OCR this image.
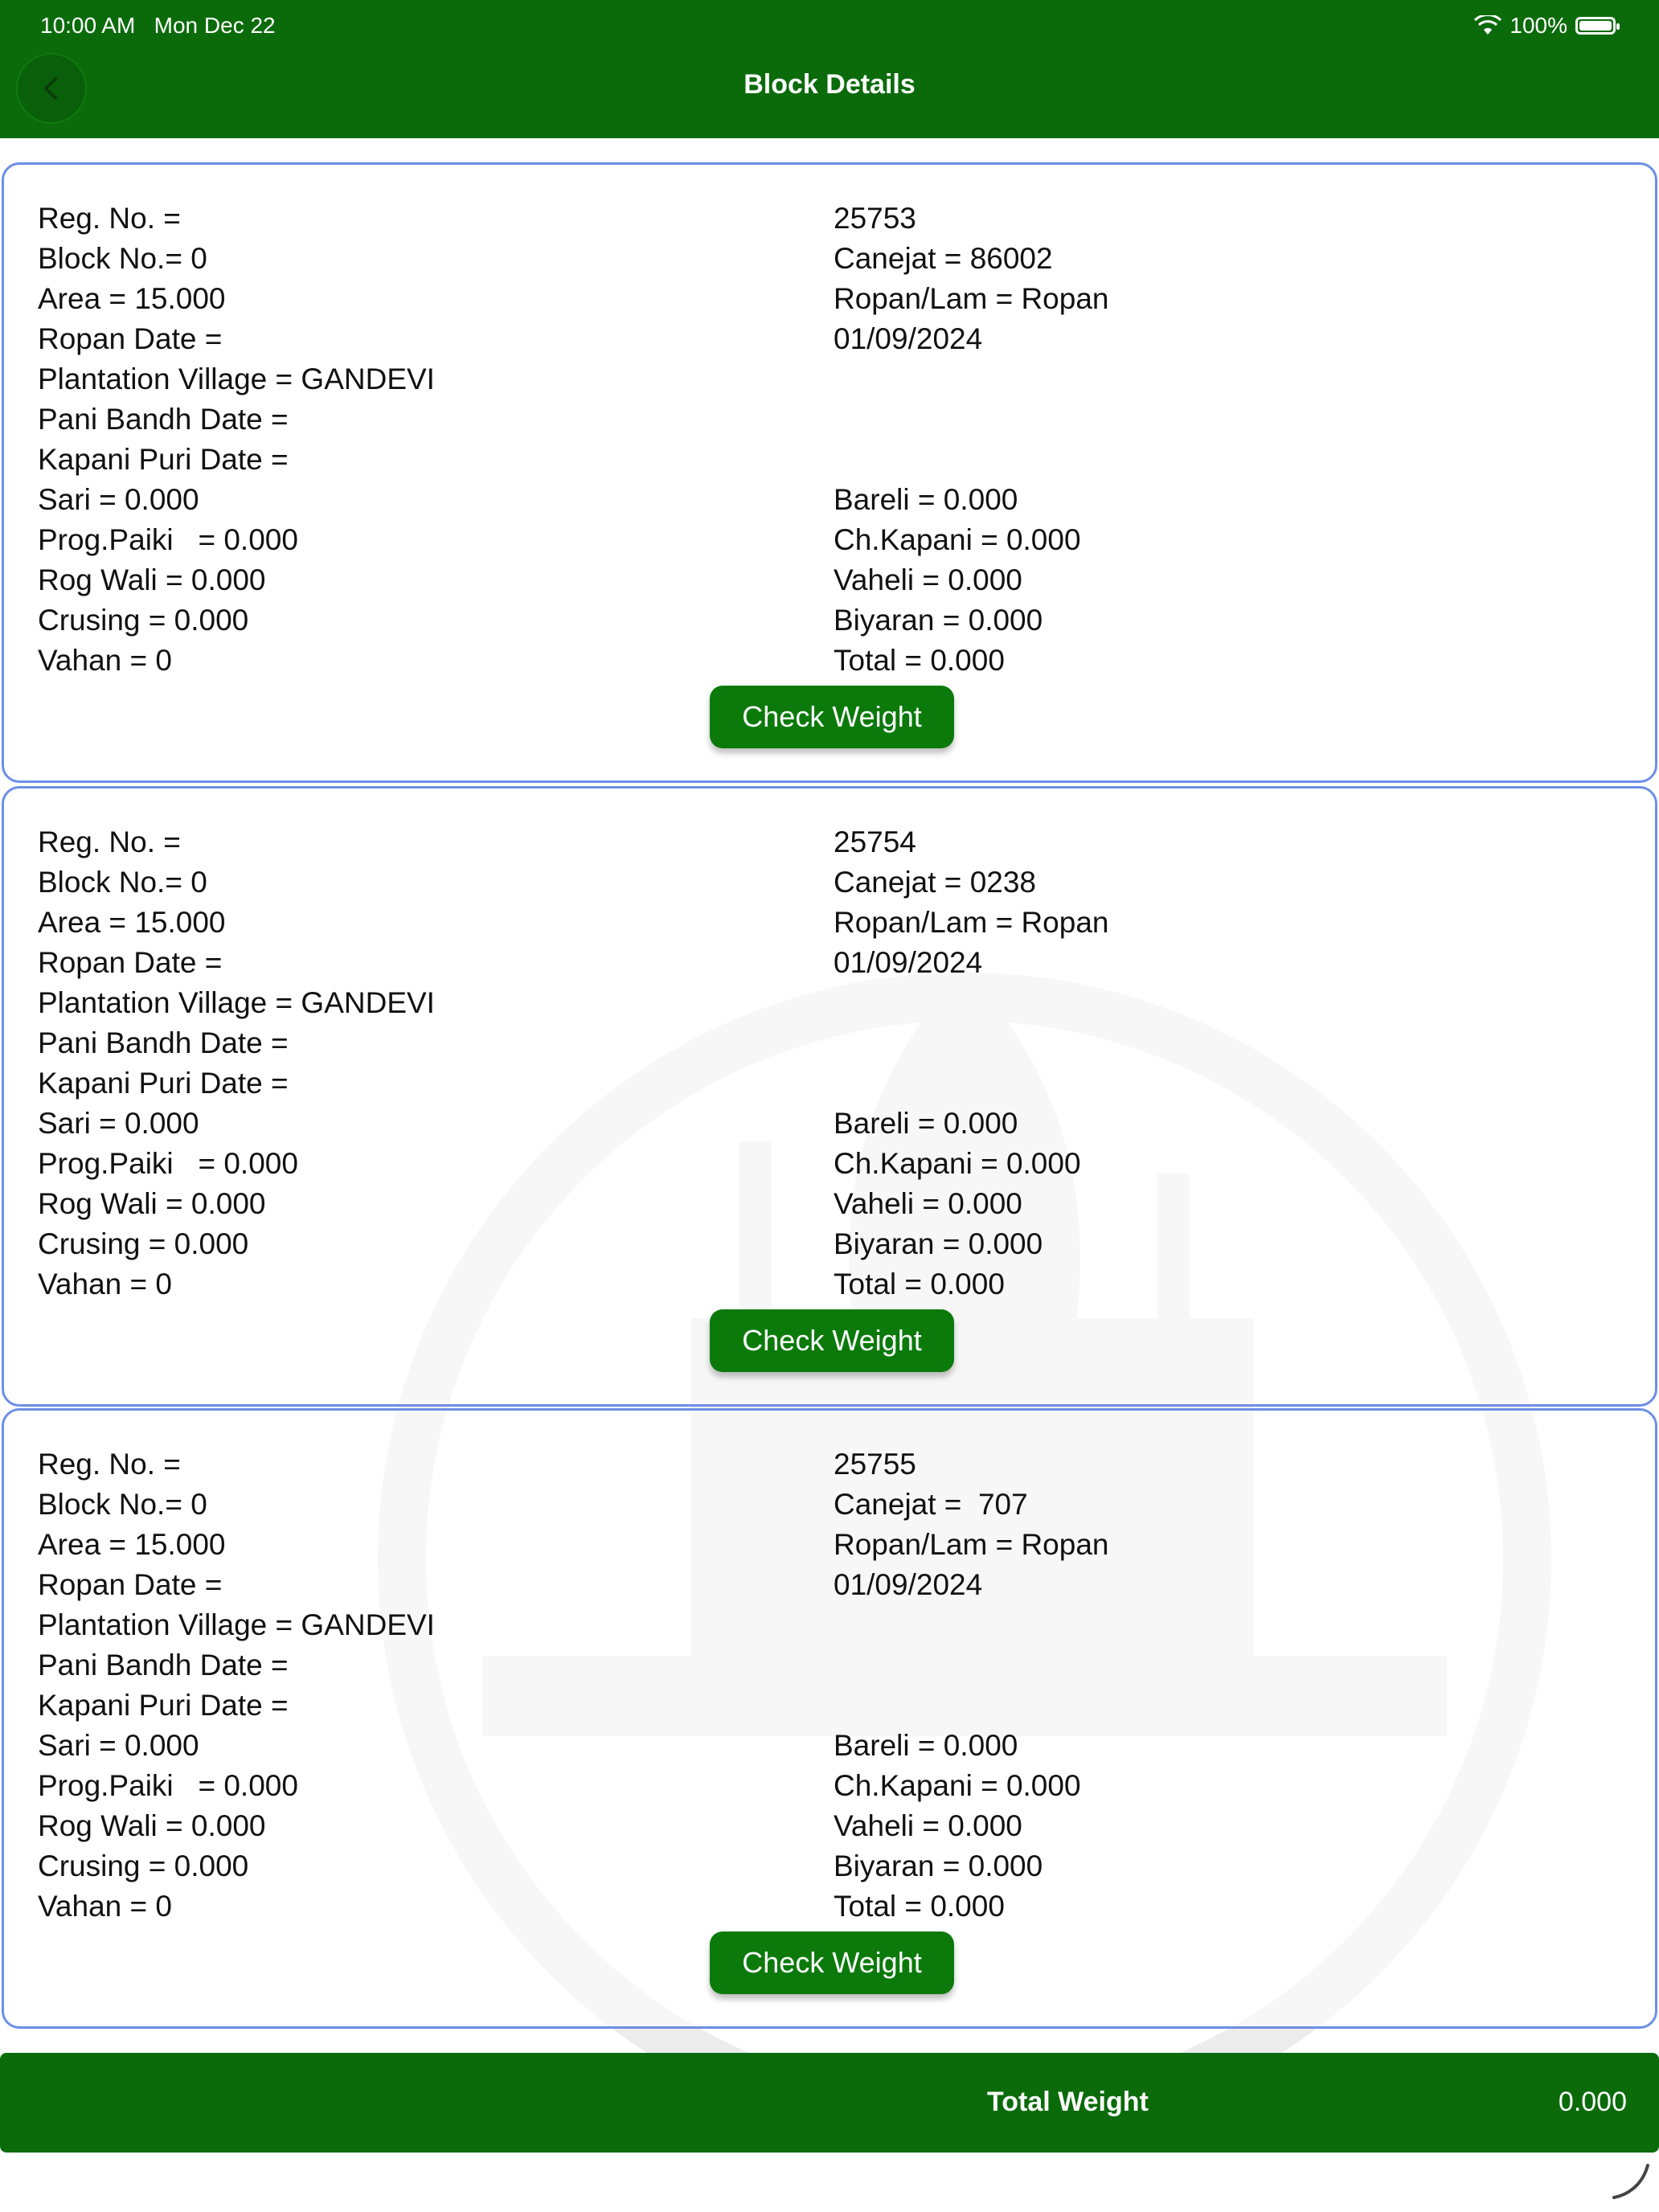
10:00 AM Mon Dec 22	100%
Block Details
Reg. No. =	25753
Block No.= 0	Canejat = 86002
Area = 15.000	Ropan/Lam = Ropan
Ropan Date =	01/09/2024
Plantation Village = GANDEVI
Pani Bandh Date =
Kapani Puri Date =
Sari = 0.000	Bareli = 0.000
Prog.Paiki   = 0.000	Ch.Kapani = 0.000
Rog Wali = 0.000	Vaheli = 0.000
Crusing = 0.000	Biyaran = 0.000
Vahan = 0	Total = 0.000
Check Weight
Reg. No. =	25754
Block No.= 0	Canejat = 0238
Area = 15.000	Ropan/Lam = Ropan
Ropan Date =	01/09/2024
Plantation Village = GANDEVI
Pani Bandh Date =
Kapani Puri Date =
Sari = 0.000	Bareli = 0.000
Prog.Paiki   = 0.000	Ch.Kapani = 0.000
Rog Wali = 0.000	Vaheli = 0.000
Crusing = 0.000	Biyaran = 0.000
Vahan = 0	Total = 0.000
Check Weight
Reg. No. =	25755
Block No.= 0	Canejat =  707
Area = 15.000	Ropan/Lam = Ropan
Ropan Date =	01/09/2024
Plantation Village = GANDEVI
Pani Bandh Date =
Kapani Puri Date =
Sari = 0.000	Bareli = 0.000
Prog.Paiki   = 0.000	Ch.Kapani = 0.000
Rog Wali = 0.000	Vaheli = 0.000
Crusing = 0.000	Biyaran = 0.000
Vahan = 0	Total = 0.000
Check Weight
Total Weight	0.000
